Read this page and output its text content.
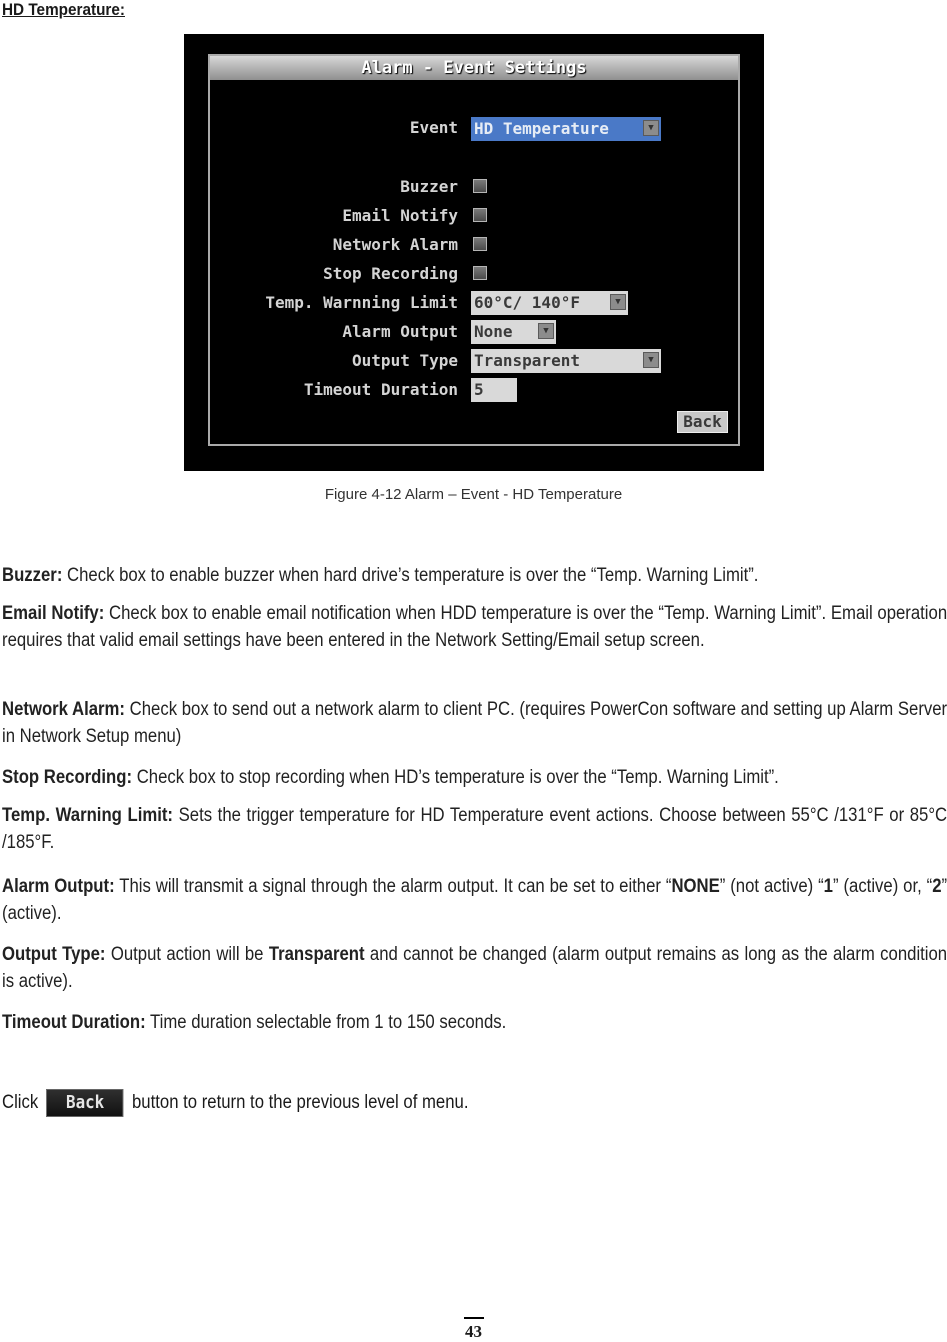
HD Temperature:
Alarm - Event Settings
Event HD Temperature	▼
Buzzer
Email Notify
Network Alarm
Stop Recording
Temp. Warnning Limit 60°C/ 140°F	▼
Alarm Output None	▼
Output Type Transparent	▼
Timeout Duration 5
Back
Figure 4-12 Alarm – Event - HD Temperature
Buzzer: Check box to enable buzzer when hard drive’s temperature is over the “Temp. Warning Limit”.
Email Notify: Check box to enable email notification when HDD temperature is over the “Temp. Warning Limit”. Email operation requires that valid email settings have been entered in the Network Setting/Email setup screen.
Network Alarm: Check box to send out a network alarm to client PC. (requires PowerCon software and setting up Alarm Server in Network Setup menu)
Stop Recording: Check box to stop recording when HD’s temperature is over the “Temp. Warning Limit”.
Temp. Warning Limit: Sets the trigger temperature for HD Temperature event actions. Choose between 55°C /131°F or 85°C /185°F.
Alarm Output: This will transmit a signal through the alarm output. It can be set to either “NONE” (not active) “1” (active) or, “2” (active).
Output Type: Output action will be Transparent and cannot be changed (alarm output remains as long as the alarm condition is active).
Timeout Duration: Time duration selectable from 1 to 150 seconds.
Click Back button to return to the previous level of menu.
43
